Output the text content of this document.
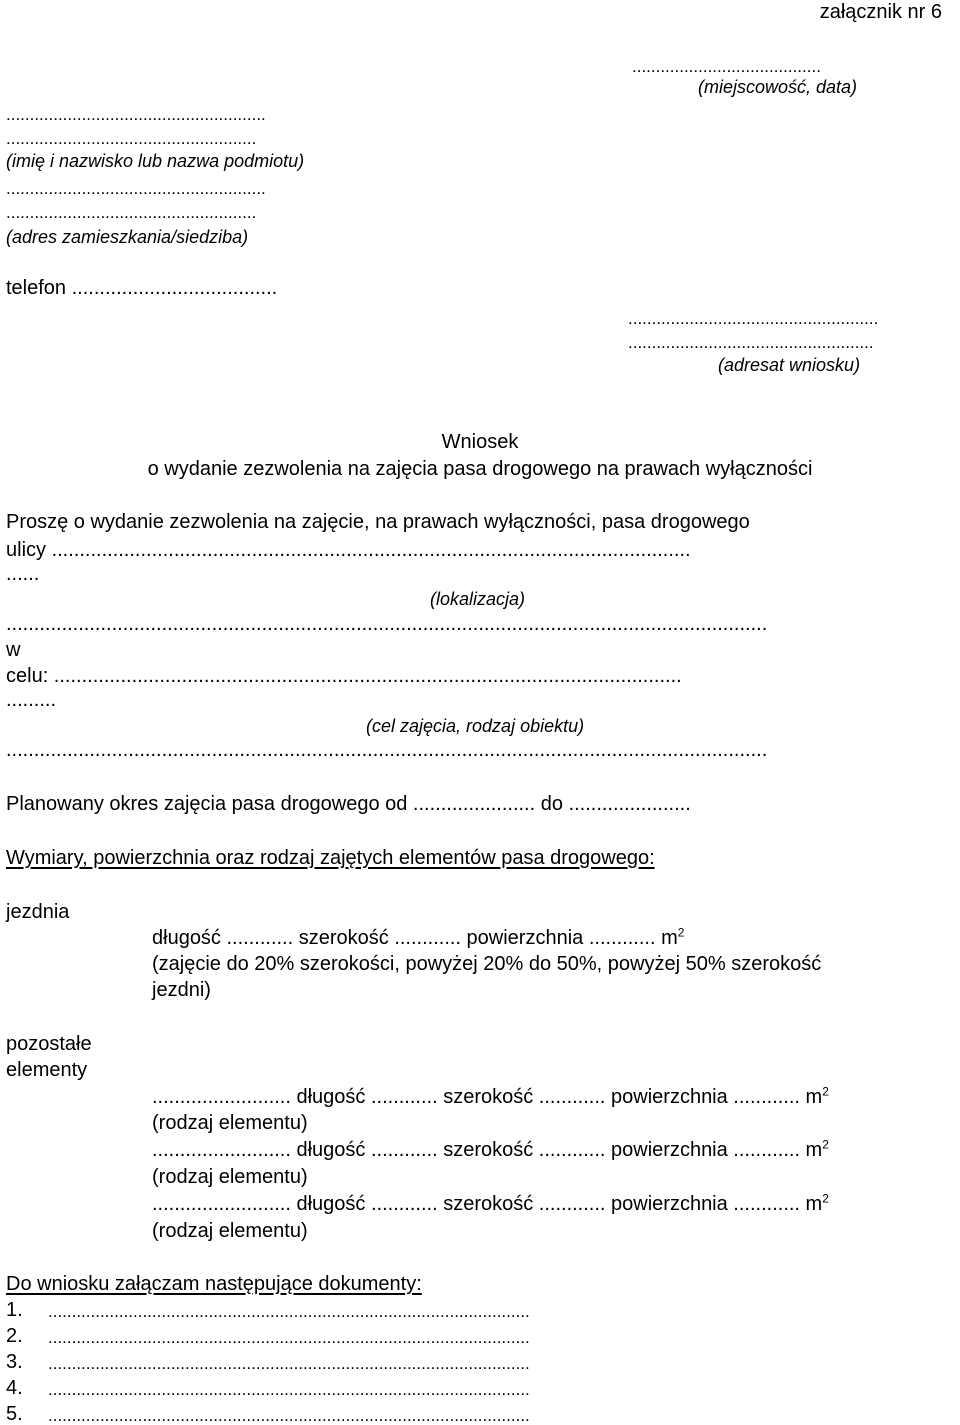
załącznik nr 6
........................................
(miejscowość, data)
.......................................................
.....................................................
(imię i nazwisko lub nazwa podmiotu)
.......................................................
.....................................................
(adres zamieszkania/siedziba)
telefon .....................................
.....................................................
....................................................
(adresat wniosku)
Wniosek
o wydanie zezwolenia na zajęcia pasa drogowego na prawach wyłączności
Proszę o wydanie zezwolenia na zajęcie, na prawach wyłączności, pasa drogowego
ulicy ...................................................................................................................
......
(lokalizacja)
.........................................................................................................................................
w
celu: .................................................................................................................
.........
(cel zajęcia, rodzaj obiektu)
.........................................................................................................................................
Planowany okres zajęcia pasa drogowego od ...................... do ......................
Wymiary, powierzchnia oraz rodzaj zajętych elementów pasa drogowego:
jezdnia
długość ............ szerokość ............ powierzchnia ............ $m^2$
(zajęcie do 20% szerokości, powyżej 20% do 50%, powyżej 50% szerokość
jezdni)
pozostałe
elementy
......................... długość ............ szerokość ............ powierzchnia ............ $m^2$
(rodzaj elementu)
......................... długość ............ szerokość ............ powierzchnia ............ $m^2$
(rodzaj elementu)
......................... długość ............ szerokość ............ powierzchnia ............ $m^2$
(rodzaj elementu)
Do wniosku załączam następujące dokumenty:
1. ......................................................................................................
2. ......................................................................................................
3. ......................................................................................................
4. ......................................................................................................
5. ......................................................................................................
